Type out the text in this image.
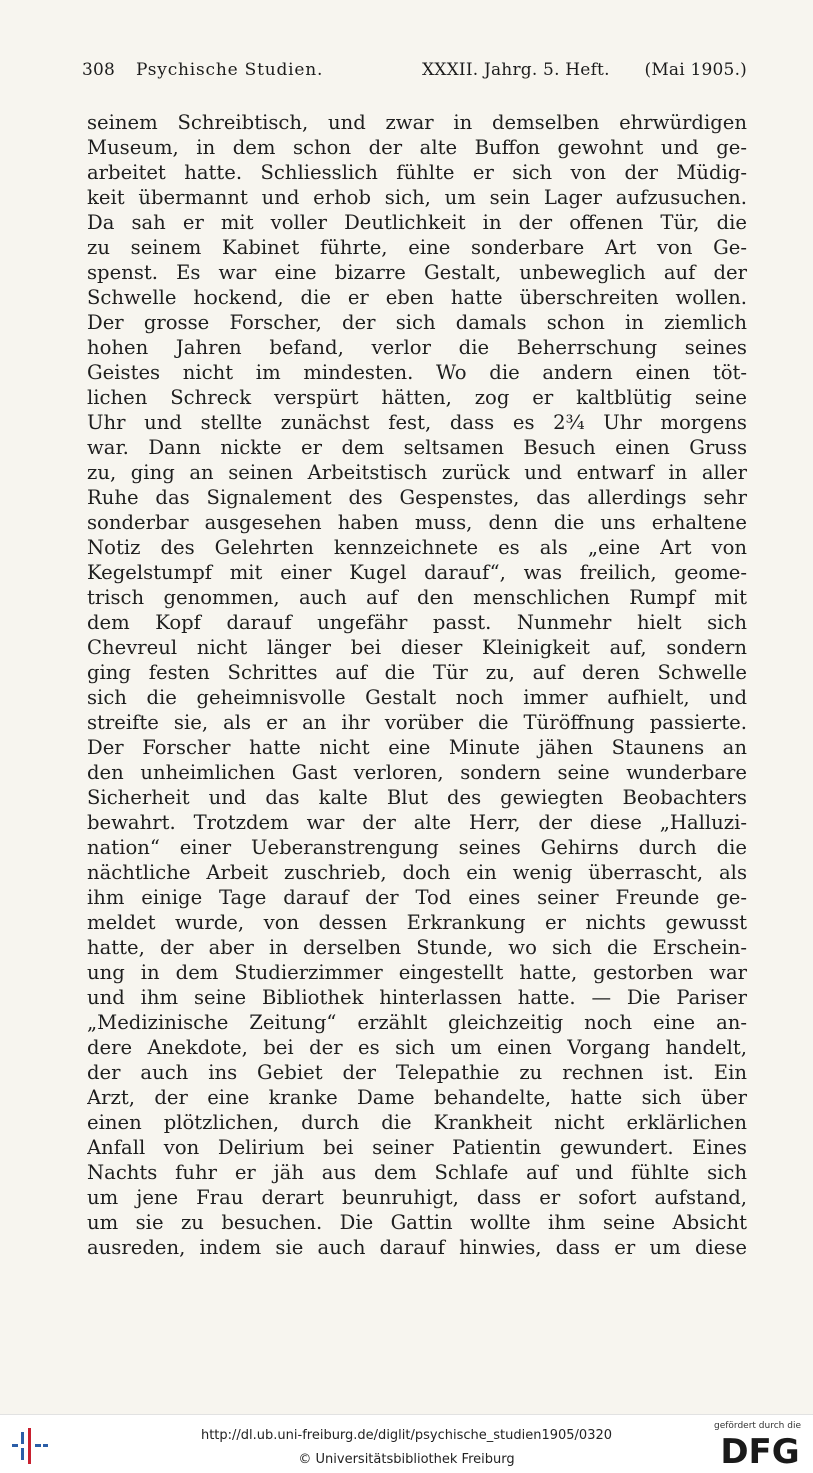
308 Psychische Studien.	XXXII. Jahrg. 5. Heft. (Mai 1905.)
seinem Schreibtisch, und zwar in demselben ehrwürdigen
Museum, in dem schon der alte Buffon gewohnt und ge-
arbeitet hatte. Schliesslich fühlte er sich von der Müdig-
keit übermannt und erhob sich, um sein Lager aufzusuchen.
Da sah er mit voller Deutlichkeit in der offenen Tür, die
zu seinem Kabinet führte, eine sonderbare Art von Ge-
spenst. Es war eine bizarre Gestalt, unbeweglich auf der
Schwelle hockend, die er eben hatte überschreiten wollen.
Der grosse Forscher, der sich damals schon in ziemlich
hohen Jahren befand, verlor die Beherrschung seines
Geistes nicht im mindesten. Wo die andern einen töt-
lichen Schreck verspürt hätten, zog er kaltblütig seine
Uhr und stellte zunächst fest, dass es 2¾ Uhr morgens
war. Dann nickte er dem seltsamen Besuch einen Gruss
zu, ging an seinen Arbeitstisch zurück und entwarf in aller
Ruhe das Signalement des Gespenstes, das allerdings sehr
sonderbar ausgesehen haben muss, denn die uns erhaltene
Notiz des Gelehrten kennzeichnete es als „eine Art von
Kegelstumpf mit einer Kugel darauf“, was freilich, geome-
trisch genommen, auch auf den menschlichen Rumpf mit
dem Kopf darauf ungefähr passt. Nunmehr hielt sich
Chevreul nicht länger bei dieser Kleinigkeit auf, sondern
ging festen Schrittes auf die Tür zu, auf deren Schwelle
sich die geheimnisvolle Gestalt noch immer aufhielt, und
streifte sie, als er an ihr vorüber die Türöffnung passierte.
Der Forscher hatte nicht eine Minute jähen Staunens an
den unheimlichen Gast verloren, sondern seine wunderbare
Sicherheit und das kalte Blut des gewiegten Beobachters
bewahrt. Trotzdem war der alte Herr, der diese „Halluzi-
nation“ einer Ueberanstrengung seines Gehirns durch die
nächtliche Arbeit zuschrieb, doch ein wenig überrascht, als
ihm einige Tage darauf der Tod eines seiner Freunde ge-
meldet wurde, von dessen Erkrankung er nichts gewusst
hatte, der aber in derselben Stunde, wo sich die Erschein-
ung in dem Studierzimmer eingestellt hatte, gestorben war
und ihm seine Bibliothek hinterlassen hatte. — Die Pariser
„Medizinische Zeitung“ erzählt gleichzeitig noch eine an-
dere Anekdote, bei der es sich um einen Vorgang handelt,
der auch ins Gebiet der Telepathie zu rechnen ist. Ein
Arzt, der eine kranke Dame behandelte, hatte sich über
einen plötzlichen, durch die Krankheit nicht erklärlichen
Anfall von Delirium bei seiner Patientin gewundert. Eines
Nachts fuhr er jäh aus dem Schlafe auf und fühlte sich
um jene Frau derart beunruhigt, dass er sofort aufstand,
um sie zu besuchen. Die Gattin wollte ihm seine Absicht
ausreden, indem sie auch darauf hinwies, dass er um diese
http://dl.ub.uni-freiburg.de/diglit/psychische_studien1905/0320
© Universitätsbibliothek Freiburg
gefördert durch die
DFG
